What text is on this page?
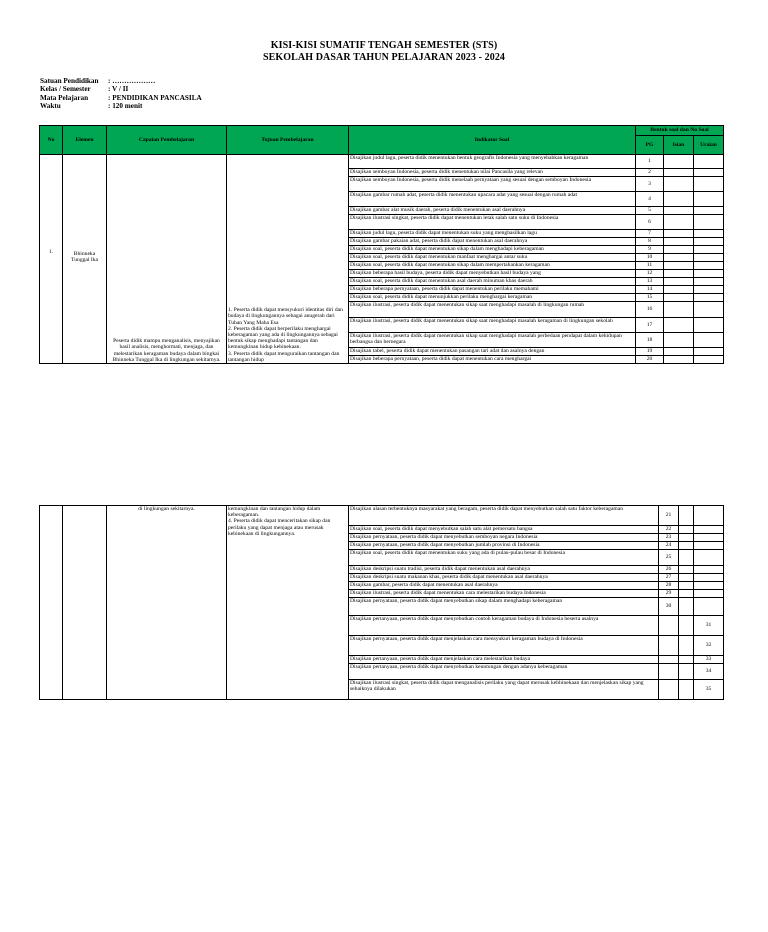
KISI-KISI SUMATIF TENGAH SEMESTER (STS)
SEKOLAH DASAR TAHUN PELAJARAN 2023 - 2024
Satuan Pendidikan	: ………………
Kelas / Semester	: V / II
Mata Pelajaran	: PENDIDIKAN PANCASILA
Waktu	: 120 menit
No	Elemen	Capaian Pembelajaran	Tujuan Pembelajaran	Indikator Soal	Bentuk soal dan No Soal		
					PG	Isian	Uraian
1.	Bhinneka Tunggal Ika	Peserta didik mampu menganalisis, menyajikan hasil analisis, menghormati, menjaga, dan melestarikan keragaman budaya dalam bingkai Bhinneka Tunggal Ika di lingkungan sekitarnya.	1. Peserta didik dapat mensyukuri identitas diri dan budaya di lingkungannya sebagai anugerah dari Tuhan Yang Maha Esa
2. Peserta didik dapat berperilaku menghargai keberagaman yang ada di lingkungannya sebagai bentuk sikap menghadapi tantangan dan kemungkinan hidup kebinekaan.
3. Peserta didik dapat menguraikan tantangan dan tantangan hidup	Disajikan judul lagu, peserta didik menentukan bentuk geografis Indonesia yang menyebabkan keragaman	1		
				Disajikan semboyan Indonesia, peserta didik menentukan nilai Pancasila yang relevan	2		
				Disajikan semboyan Indonesia, peserta didik menelaah pernyataan yang sesuai dengan semboyan Indonesia	3		
				Disajikan gambar rumah adat, peserta didik menentukan upacara adat yang sesuai dengan rumah adat	4		
				Disajikan gambar alat musik daerah, peserta didik menentukan asal daerahnya	5		
				Disajikan ilustrasi singkat, peserta didik dapat menentukan letak salah satu suku di Indonesia	6		
				Disajikan judul lagu, peserta didik dapat menentukan suku yang menghasilkan lagu	7		
				Disajikan gambar pakaian adat, peserta didik dapat menentukan asal daerahnya	8		
				Disajikan soal, peserta didik dapat menentukan sikap dalam menghadapi keberagaman	9		
				Disajikan soal, peserta didik dapat menentukan manfaat menghargai antar suku	10		
				Disajikan soal, peserta didik dapat menentukan sikap dalam mempertahankan keragaman	11		
				Disajikan beberapa hasil budaya, peserta didik dapat menyebutkan hasil budaya yang	12		
				Disajikan soal, peserta didik dapat menentukan asal daerah minuman khas daerah	13		
				Disajikan beberapa pernyataan, peserta didik dapat menentukan perilaku memahami	14		
				Disajikan soal, peserta didik dapat menunjukkan perilaku menghargai keragaman	15		
				Disajikan ilustrasi, peserta didik dapat menentukan sikap saat menghadapi masalah di lingkungan rumah	16		
				Disajikan ilustrasi, peserta didik dapat menentukan sikap saat menghadapi masalah keragaman di lingkungan sekolah	17		
				Disajikan ilustrasi, peserta didik dapat menentukan sikap saat menghadapi masalah perbedaan pendapat dalam kehidupan berbangsa dan bernegara	18		
				Disajikan tabel, peserta didik dapat menentukan pasangan tari adat dan asalnya dengan	19		
				Disajikan beberapa pernyataan, peserta didik dapat menentukan cara menghargai	20		
		di lingkungan sekitarnya.	kemungkinan dan tantangan hidup dalam keberagaman.
4. Peserta didik dapat menceritakan sikap dan perilaku yang dapat menjaga atau merusak kebinekaan di lingkungannya.	Disajikan alasan terbentuknya masyarakat yang beragam, peserta didik dapat menyebutkan salah satu faktor keberagaman	21		
				Disajikan soal, peserta didik dapat menyebutkan salah satu alat pemersatu bangsa	22		
				Disajikan pernyataan, peserta didik dapat menyebutkan semboyan negara Indonesia	23		
				Disajikan pernyataan, peserta didik dapat menyebutkan jumlah provinsi di Indonesia	24		
				Disajikan soal, peserta didik dapat menentukan suku yang ada di pulau-pulau besar di Indonesia	25		
				Disajikan deskripsi suatu tradisi, peserta didik dapat menentukan asal daerahnya	26		
				Disajikan deskripsi suatu makanan khas, peserta didik dapat menentukan asal daerahnya	27		
				Disajikan gambar, peserta didik dapat menentukan asal daerahnya	28		
				Disajikan ilustrasi, peserta didik dapat menentukan cara melestarikan budaya Indonesia	29		
				Disajikan pernyataan, peserta didik dapat menyebutkan sikap dalam menghadapi keberagaman	30		
				Disajikan pertanyaan, peserta didik dapat menyebutkan contoh keragaman budaya di Indonesia beserta asalnya			31
				Disajikan pernyataan, peserta didik dapat menjelaskan cara mensyukuri keragaman budaya di Indonesia			32
				Disajikan pertanyaan, peserta didik dapat menjelaskan cara melestarikan budaya			33
				Disajikan pertanyaan, peserta didik dapat menyebutkan keuntungan dengan adanya keberagaman			34
				Disajikan ilustrasi singkat, peserta didik dapat menganalisis perilaku yang dapat merusak kebhinekaan dan menjelaskan sikap yang sebaiknya dilakukan			35
